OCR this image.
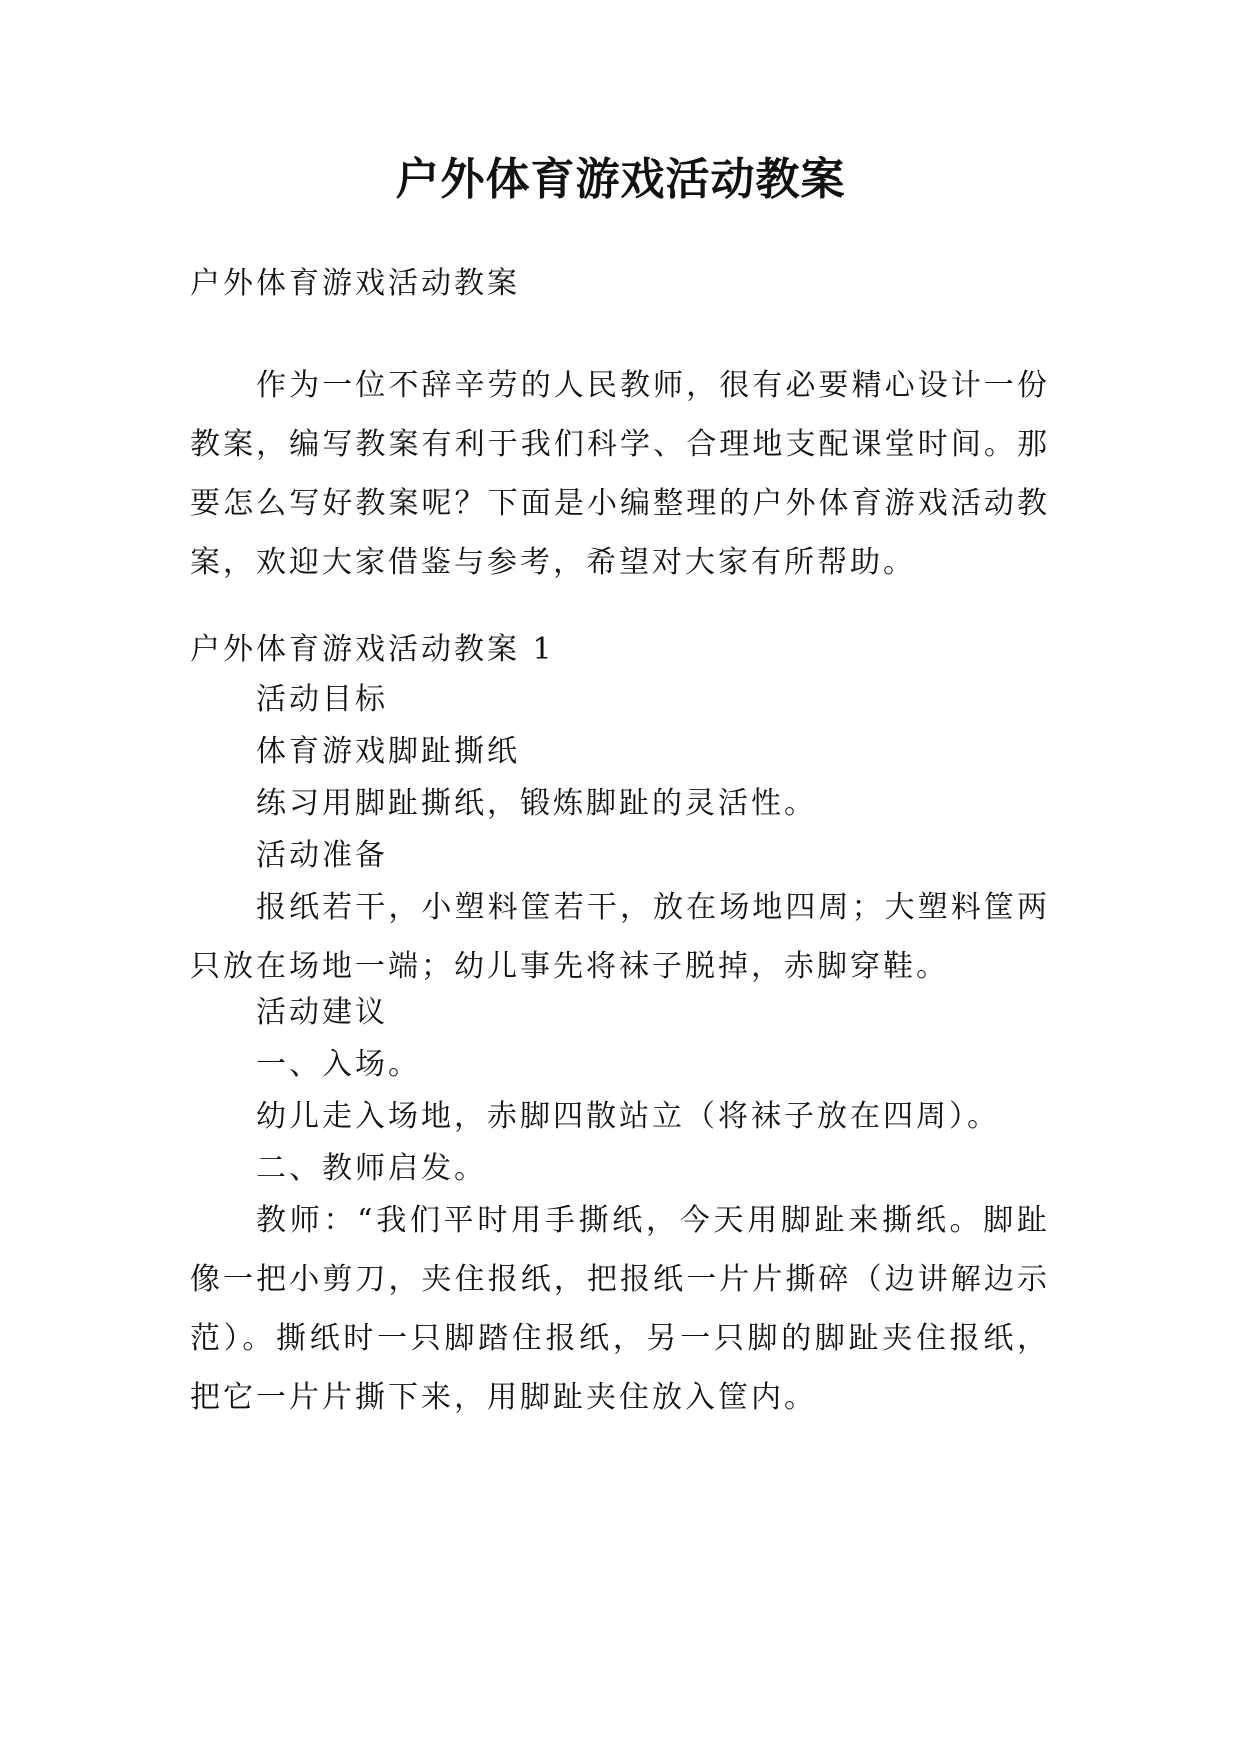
户外体育游戏活动教案

户外体育游戏活动教案

作为一位不辞辛劳的人民教师，很有必要精心设计一份教案，编写教案有利于我们科学、合理地支配课堂时间。那要怎么写好教案呢？下面是小编整理的户外体育游戏活动教案，欢迎大家借鉴与参考，希望对大家有所帮助。

户外体育游戏活动教案 1

活动目标

体育游戏脚趾撕纸

练习用脚趾撕纸，锻炼脚趾的灵活性。

活动准备

报纸若干，小塑料筐若干，放在场地四周；大塑料筐两只放在场地一端；幼儿事先将袜子脱掉，赤脚穿鞋。

活动建议

一、入场。

幼儿走入场地，赤脚四散站立（将袜子放在四周）。

二、教师启发。

教师：“我们平时用手撕纸，今天用脚趾来撕纸。脚趾像一把小剪刀，夹住报纸，把报纸一片片撕碎（边讲解边示范）。撕纸时一只脚踏住报纸，另一只脚的脚趾夹住报纸，把它一片片撕下来，用脚趾夹住放入筐内。
